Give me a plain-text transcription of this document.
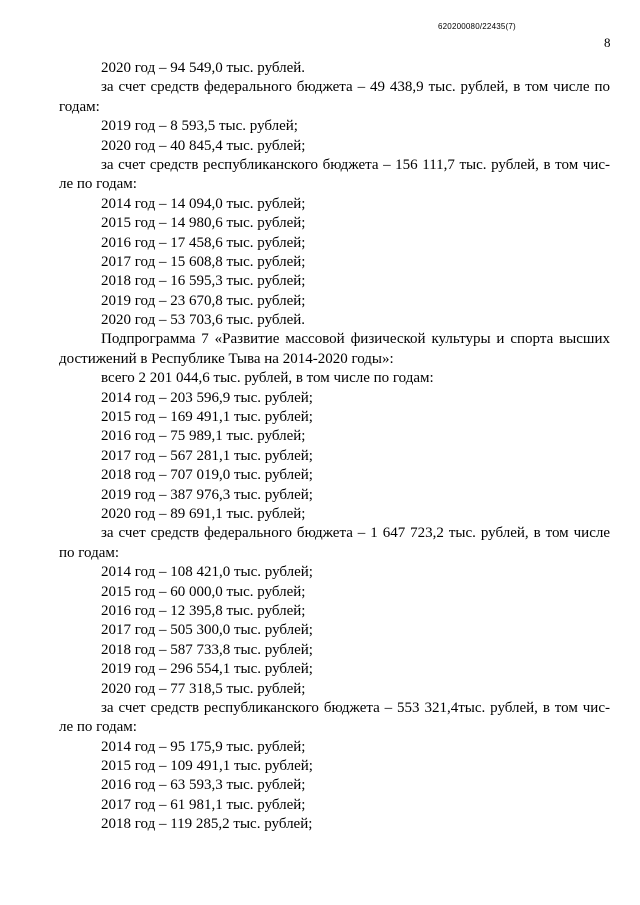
620200080/22435(7)
8
2020 год – 94 549,0 тыс. рублей.
за счет средств федерального бюджета – 49 438,9 тыс. рублей, в том числе по
годам:
2019 год – 8 593,5 тыс. рублей;
2020 год – 40 845,4 тыс. рублей;
за счет средств республиканского бюджета – 156 111,7 тыс. рублей, в том чис-
ле по годам:
2014 год – 14 094,0 тыс. рублей;
2015 год – 14 980,6 тыс. рублей;
2016 год – 17 458,6 тыс. рублей;
2017 год – 15 608,8 тыс. рублей;
2018 год – 16 595,3 тыс. рублей;
2019 год – 23 670,8 тыс. рублей;
2020 год – 53 703,6 тыс. рублей.
Подпрограмма 7 «Развитие массовой физической культуры и спорта высших
достижений в Республике Тыва на 2014-2020 годы»:
всего 2 201 044,6 тыс. рублей, в том числе по годам:
2014 год – 203 596,9 тыс. рублей;
2015 год – 169 491,1 тыс. рублей;
2016 год – 75 989,1 тыс. рублей;
2017 год – 567 281,1 тыс. рублей;
2018 год – 707 019,0 тыс. рублей;
2019 год – 387 976,3 тыс. рублей;
2020 год – 89 691,1 тыс. рублей;
за счет средств федерального бюджета – 1 647 723,2 тыс. рублей, в том числе
по годам:
2014 год – 108 421,0 тыс. рублей;
2015 год – 60 000,0 тыс. рублей;
2016 год – 12 395,8 тыс. рублей;
2017 год – 505 300,0 тыс. рублей;
2018 год – 587 733,8 тыс. рублей;
2019 год – 296 554,1 тыс. рублей;
2020 год – 77 318,5 тыс. рублей;
за счет средств республиканского бюджета – 553 321,4тыс. рублей, в том чис-
ле по годам:
2014 год – 95 175,9 тыс. рублей;
2015 год – 109 491,1 тыс. рублей;
2016 год – 63 593,3 тыс. рублей;
2017 год – 61 981,1 тыс. рублей;
2018 год – 119 285,2 тыс. рублей;
